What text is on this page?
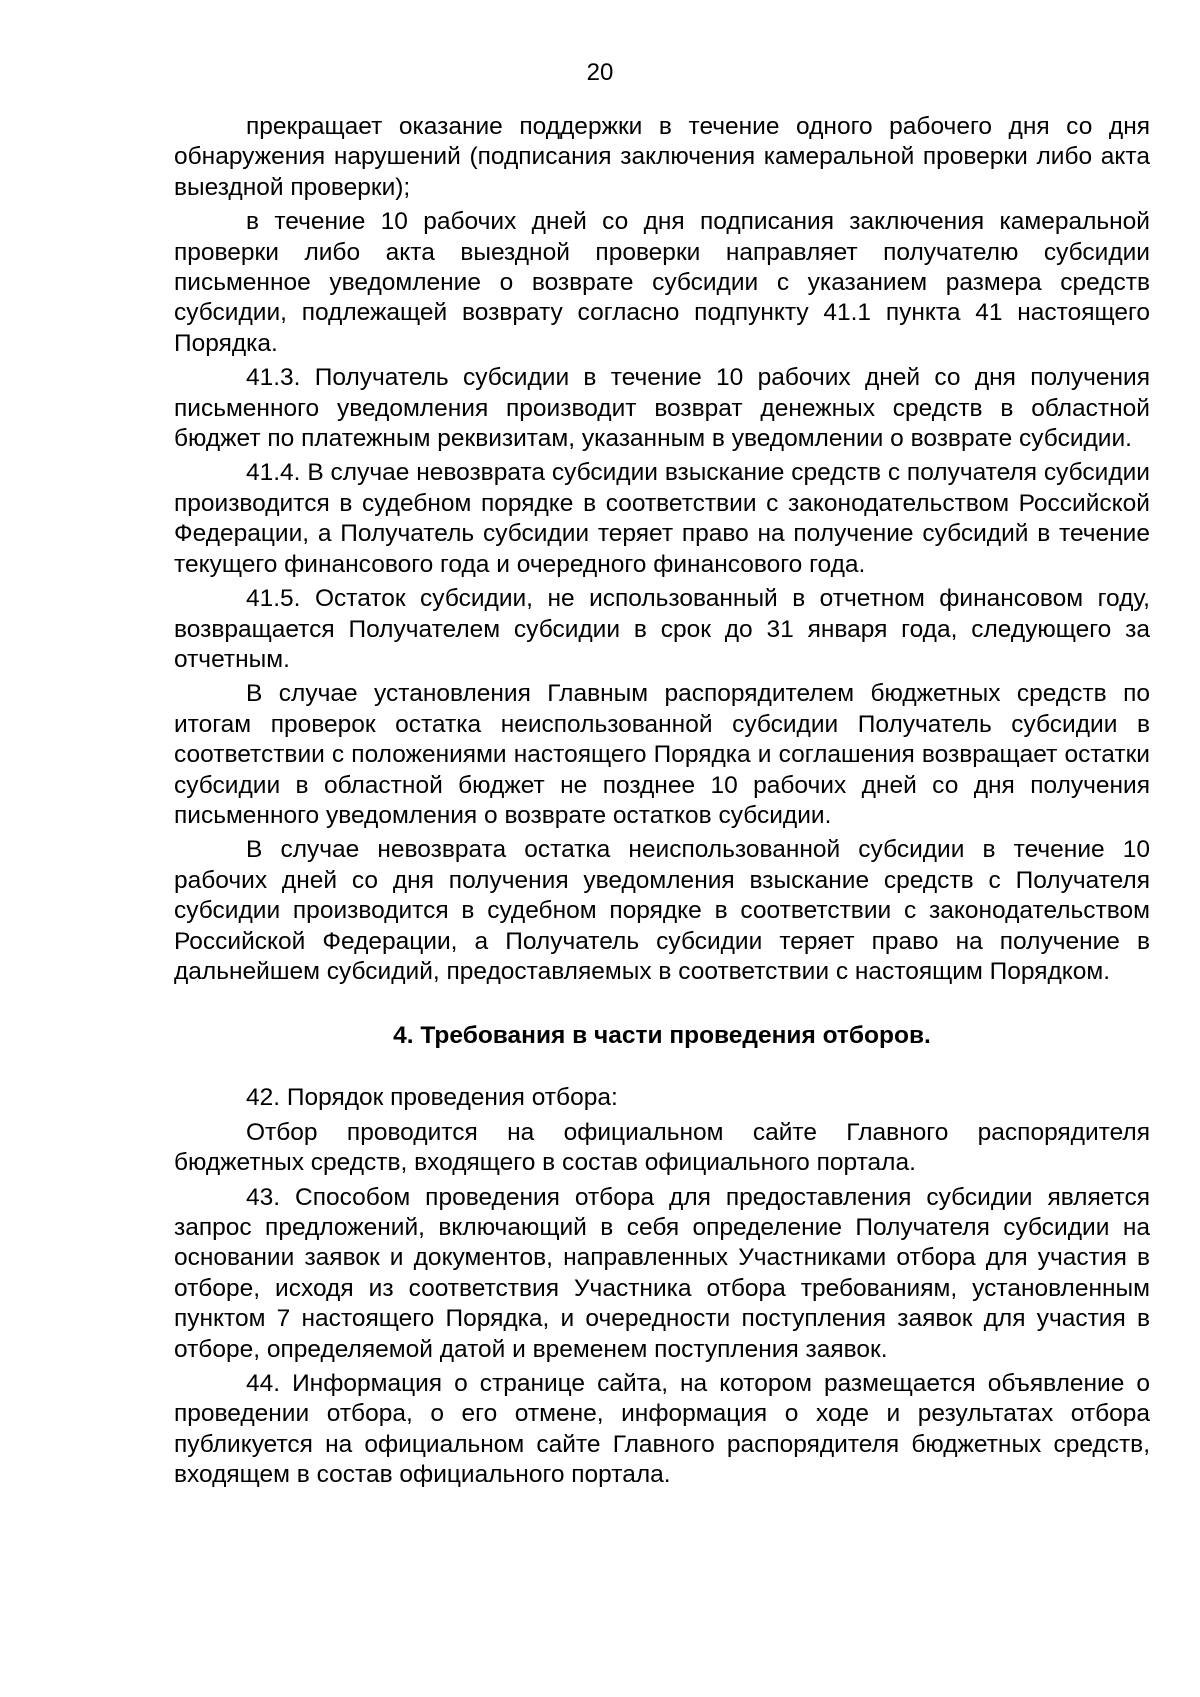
20

прекращает оказание поддержки в течение одного рабочего дня со дня обнаружения нарушений (подписания заключения камеральной проверки либо акта выездной проверки);

в течение 10 рабочих дней со дня подписания заключения камеральной проверки либо акта выездной проверки направляет получателю субсидии письменное уведомление о возврате субсидии с указанием размера средств субсидии, подлежащей возврату согласно подпункту 41.1 пункта 41 настоящего Порядка.

41.3. Получатель субсидии в течение 10 рабочих дней со дня получения письменного уведомления производит возврат денежных средств в областной бюджет по платежным реквизитам, указанным в уведомлении о возврате субсидии.

41.4. В случае невозврата субсидии взыскание средств с получателя субсидии производится в судебном порядке в соответствии с законодательством Российской Федерации, а Получатель субсидии теряет право на получение субсидий в течение текущего финансового года и очередного финансового года.

41.5. Остаток субсидии, не использованный в отчетном финансовом году, возвращается Получателем субсидии в срок до 31 января года, следующего за отчетным.

В случае установления Главным распорядителем бюджетных средств по итогам проверок остатка неиспользованной субсидии Получатель субсидии в соответствии с положениями настоящего Порядка и соглашения возвращает остатки субсидии в областной бюджет не позднее 10 рабочих дней со дня получения письменного уведомления о возврате остатков субсидии.

В случае невозврата остатка неиспользованной субсидии в течение 10 рабочих дней со дня получения уведомления взыскание средств с Получателя субсидии производится в судебном порядке в соответствии с законодательством Российской Федерации, а Получатель субсидии теряет право на получение в дальнейшем субсидий, предоставляемых в соответствии с настоящим Порядком.

4. Требования в части проведения отборов.

42. Порядок проведения отбора:

Отбор проводится на официальном сайте Главного распорядителя бюджетных средств, входящего в состав официального портала.

43. Способом проведения отбора для предоставления субсидии является запрос предложений, включающий в себя определение Получателя субсидии на основании заявок и документов, направленных Участниками отбора для участия в отборе, исходя из соответствия Участника отбора требованиям, установленным пунктом 7 настоящего Порядка, и очередности поступления заявок для участия в отборе, определяемой датой и временем поступления заявок.

44. Информация о странице сайта, на котором размещается объявление о проведении отбора, о его отмене, информация о ходе и результатах отбора публикуется на официальном сайте Главного распорядителя бюджетных средств, входящем в состав официального портала.
